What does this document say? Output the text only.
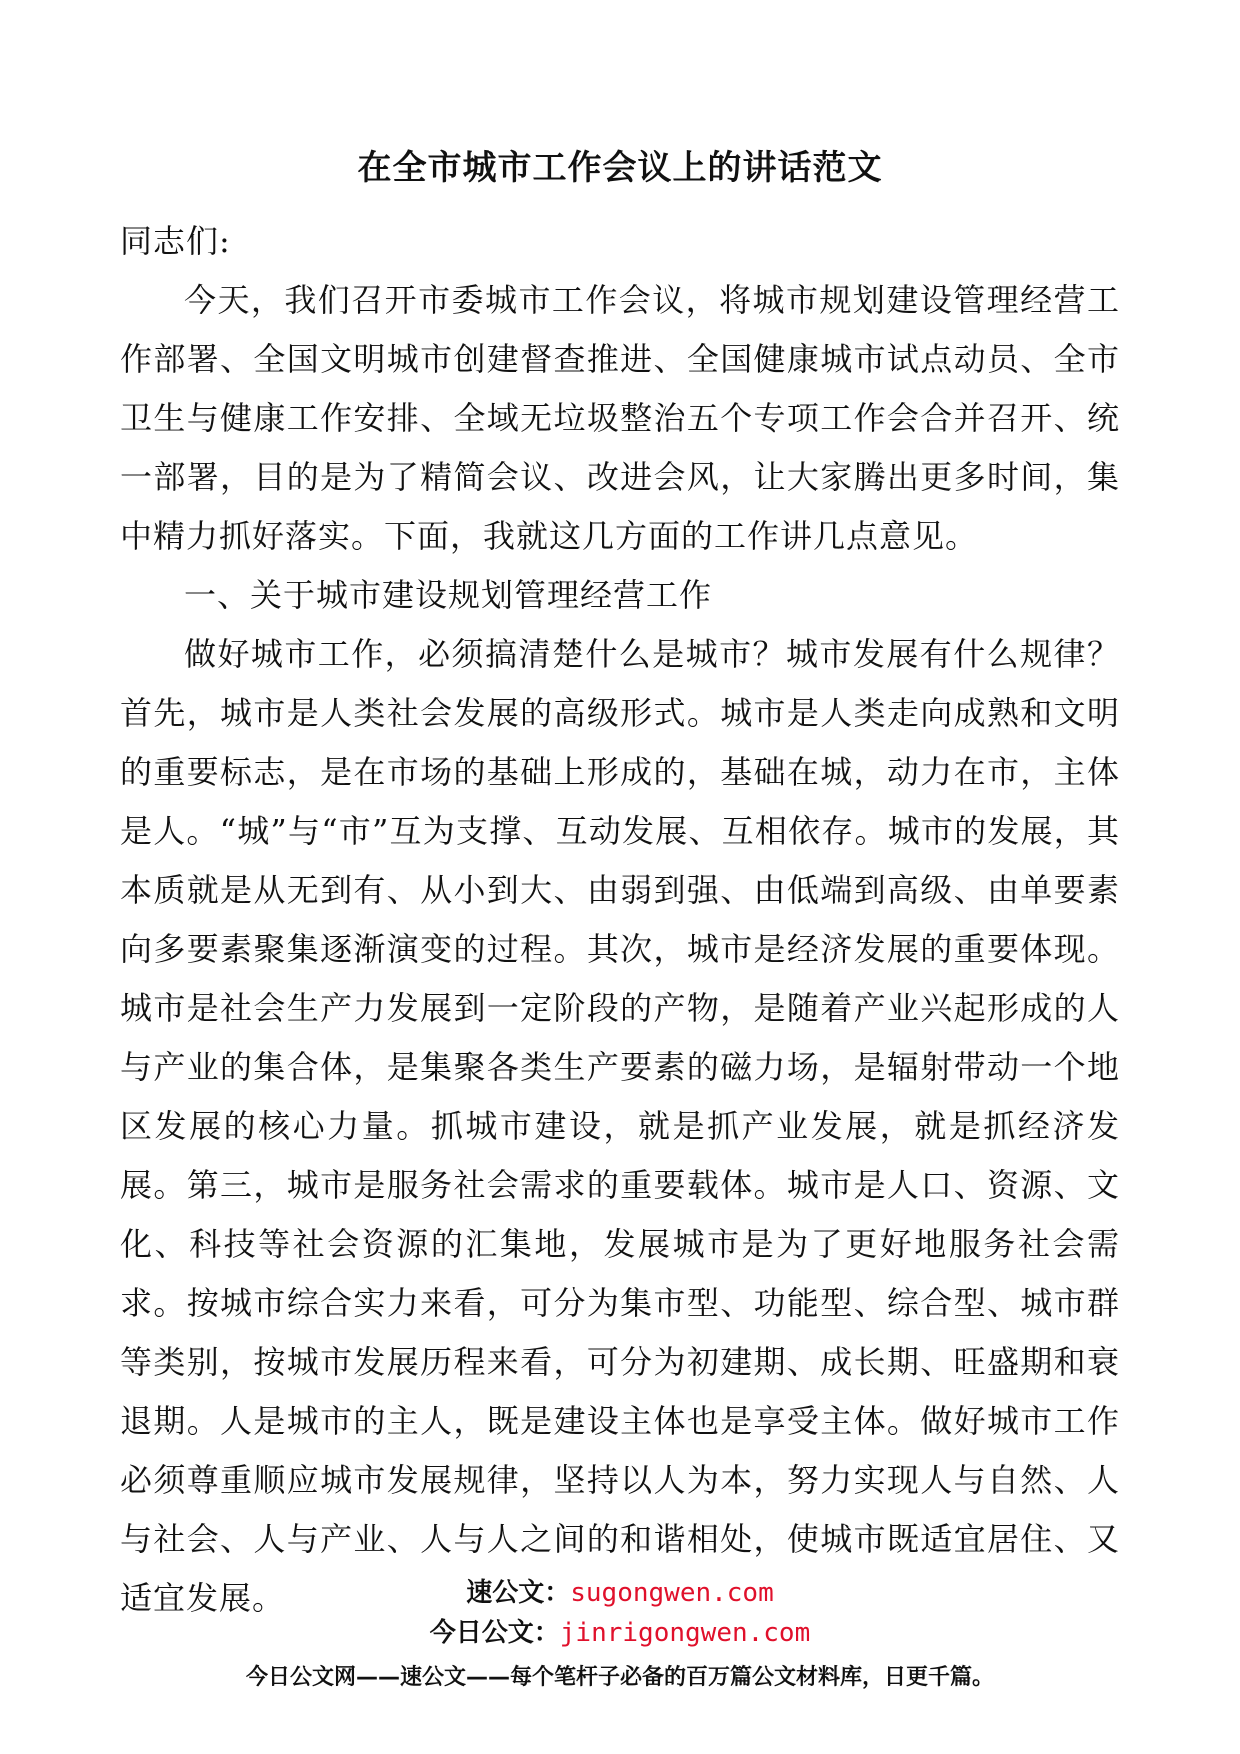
在全市城市工作会议上的讲话范文

同志们:

今天，我们召开市委城市工作会议，将城市规划建设管理经营工作部署、全国文明城市创建督查推进、全国健康城市试点动员、全市卫生与健康工作安排、全域无垃圾整治五个专项工作会合并召开、统一部署，目的是为了精简会议、改进会风，让大家腾出更多时间，集中精力抓好落实。下面，我就这几方面的工作讲几点意见。

一、关于城市建设规划管理经营工作

做好城市工作，必须搞清楚什么是城市？城市发展有什么规律？首先，城市是人类社会发展的高级形式。城市是人类走向成熟和文明的重要标志，是在市场的基础上形成的，基础在城，动力在市，主体是人。“城”与“市”互为支撑、互动发展、互相依存。城市的发展，其本质就是从无到有、从小到大、由弱到强、由低端到高级、由单要素向多要素聚集逐渐演变的过程。其次，城市是经济发展的重要体现。城市是社会生产力发展到一定阶段的产物，是随着产业兴起形成的人与产业的集合体，是集聚各类生产要素的磁力场，是辐射带动一个地区发展的核心力量。抓城市建设，就是抓产业发展，就是抓经济发展。第三，城市是服务社会需求的重要载体。城市是人口、资源、文化、科技等社会资源的汇集地，发展城市是为了更好地服务社会需求。按城市综合实力来看，可分为集市型、功能型、综合型、城市群等类别，按城市发展历程来看，可分为初建期、成长期、旺盛期和衰退期。人是城市的主人，既是建设主体也是享受主体。做好城市工作必须尊重顺应城市发展规律，坚持以人为本，努力实现人与自然、人与社会、人与产业、人与人之间的和谐相处，使城市既适宜居住、又适宜发展。	速公文：sugongwen.com
今日公文：jinrigongwen.com
今日公文网——速公文——每个笔杆子必备的百万篇公文材料库，日更千篇。
